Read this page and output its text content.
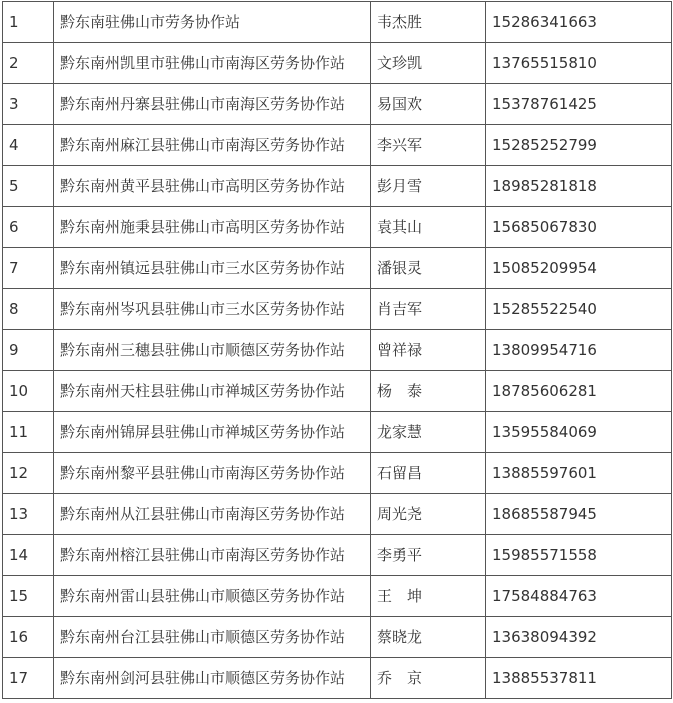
1	黔东南驻佛山市劳务协作站	韦杰胜	15286341663
2	黔东南州凯里市驻佛山市南海区劳务协作站	文珍凯	13765515810
3	黔东南州丹寨县驻佛山市南海区劳务协作站	易国欢	15378761425
4	黔东南州麻江县驻佛山市南海区劳务协作站	李兴军	15285252799
5	黔东南州黄平县驻佛山市高明区劳务协作站	彭月雪	18985281818
6	黔东南州施秉县驻佛山市高明区劳务协作站	袁其山	15685067830
7	黔东南州镇远县驻佛山市三水区劳务协作站	潘银灵	15085209954
8	黔东南州岑巩县驻佛山市三水区劳务协作站	肖吉军	15285522540
9	黔东南州三穗县驻佛山市顺德区劳务协作站	曾祥禄	13809954716
10	黔东南州天柱县驻佛山市禅城区劳务协作站	杨　泰	18785606281
11	黔东南州锦屏县驻佛山市禅城区劳务协作站	龙家慧	13595584069
12	黔东南州黎平县驻佛山市南海区劳务协作站	石留昌	13885597601
13	黔东南州从江县驻佛山市南海区劳务协作站	周光尧	18685587945
14	黔东南州榕江县驻佛山市南海区劳务协作站	李勇平	15985571558
15	黔东南州雷山县驻佛山市顺德区劳务协作站	王　坤	17584884763
16	黔东南州台江县驻佛山市顺德区劳务协作站	蔡晓龙	13638094392
17	黔东南州剑河县驻佛山市顺德区劳务协作站	乔　京	13885537811
